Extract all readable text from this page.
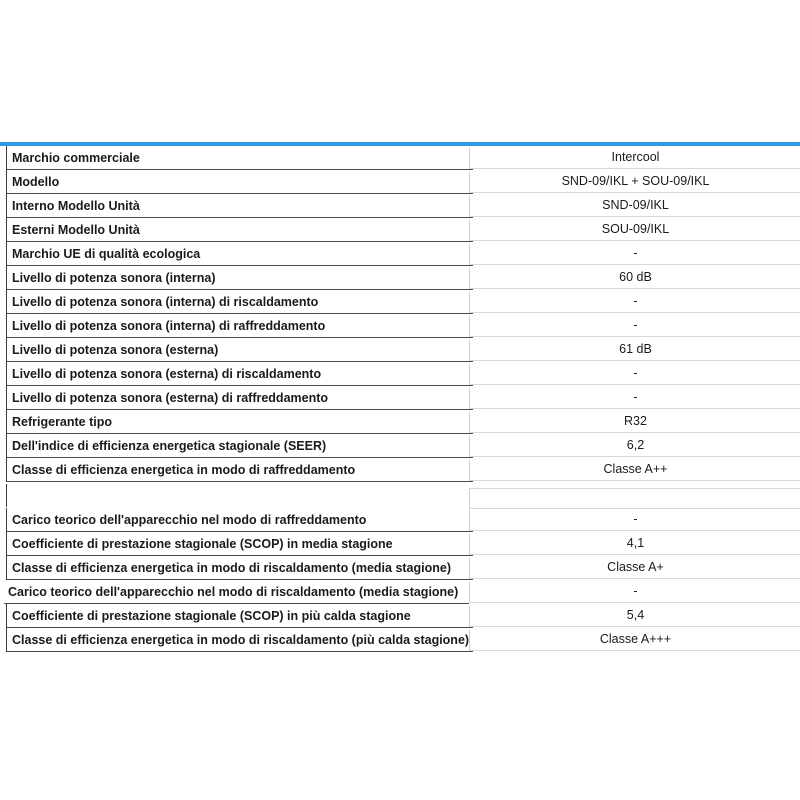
Marchio commerciale	Intercool
Modello	SND-09/IKL + SOU-09/IKL
Interno Modello Unità	SND-09/IKL
Esterni Modello Unità	SOU-09/IKL
Marchio UE di qualità ecologica	-
Livello di potenza sonora (interna)	60 dB
Livello di potenza sonora (interna) di riscaldamento	-
Livello di potenza sonora (interna) di raffreddamento	-
Livello di potenza sonora (esterna)	61 dB
Livello di potenza sonora (esterna) di riscaldamento	-
Livello di potenza sonora (esterna) di raffreddamento	-
Refrigerante tipo	R32
Dell'indice di efficienza energetica stagionale (SEER)	6,2
Classe di efficienza energetica in modo di raffreddamento	Classe A++
Carico teorico dell'apparecchio nel modo di raffreddamento	-
Coefficiente di prestazione stagionale (SCOP) in media stagione	4,1
Classe di efficienza energetica in modo di riscaldamento (media stagione)	Classe A+
Carico teorico dell'apparecchio nel modo di riscaldamento (media stagione)	-
Coefficiente di prestazione stagionale (SCOP) in più calda stagione	5,4
Classe di efficienza energetica in modo di riscaldamento (più calda stagione)	Classe A+++
